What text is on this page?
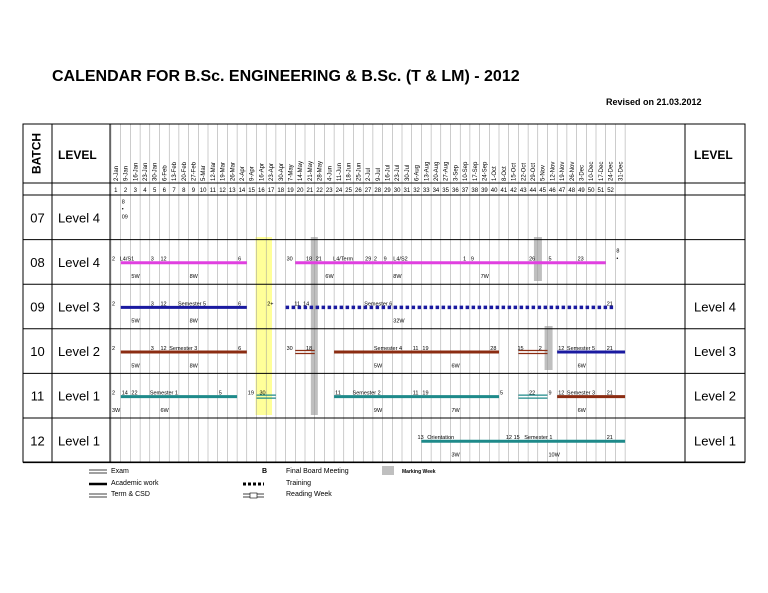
CALENDAR FOR B.Sc. ENGINEERING & B.Sc. (T & LM) - 2012
Revised on 21.03.2012
BATCH LEVEL	LEVEL
2-Jan 9-Jan 16-Jan 23-Jan 30-Jan 6-Feb 13-Feb 20-Feb 27-Feb 5-Mar 12-Mar 19-Mar 26-Mar 2-Apr 9-Apr 16-Apr 23-Apr 30-Apr 7-May 14-May 21-May 28-May 4-Jun 11-Jun 18-Jun 25-Jun 2-Jul 9-Jul 16-Jul 23-Jul 30-Jul 6-Aug 13-Aug 20-Aug 27-Aug 3-Sep 10-Sep 17-Sep 24-Sep 1-Oct 8-Oct 15-Oct 22-Oct 29-Oct 5-Nov 12-Nov 19-Nov 26-Nov 3-Dec 10-Dec 17-Dec 24-Dec 31-Dec
1 2 3 4 5 6 7 8 9 10 11 12 13 14 15 16 17 18 19 20 21 22 23 24 25 26 27 28 29 30 31 32 33 34 35 36 37 38 39 40 41 42 43 44 45 46 47 48 49 50 51 52
07 Level 4
08 Level 4
09 Level 3	Level 4
10 Level 2	Level 3
11 Level 1	Level 2
12 Level 1	Level 1
8
•
09
2 L4/S1	3 12	6	30 18 21 L4/Term 29 2 9 L4/S2	1 9	26 5	23
8
•
5W	8W	6W	8W	7W
2	3 12 Semester 5	6	2+	11 14	Semester 6	21
5W	8W	32W
2	3 12 Semester 3	6	30 18	Semester 4 11 19	28	15	2	12 Semester 5 21
5W	8W	5W	6W	6W
2 14 22 Semester 1	5	19 30	11 Semester 2	11 19	5	22 9 12 Semester 3 21
3W	6W	9W	7W	6W
13 Orientation	12 15 Semester 1	21
3W	10W
Exam
Academic work
Term & CSD
B	Final Board Meeting
Training
Reading Week
Marking Week
